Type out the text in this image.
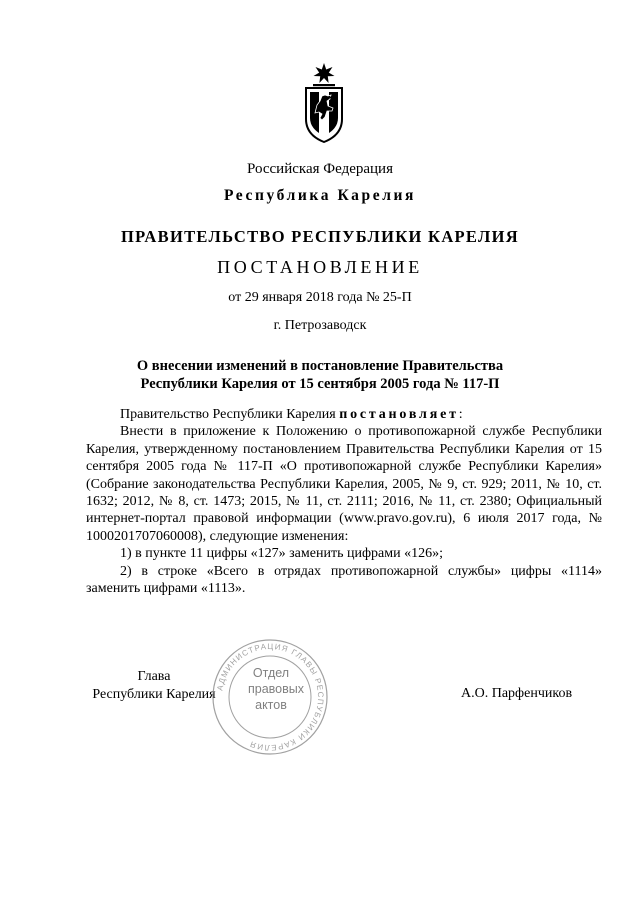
Российская Федерация
Республика Карелия
ПРАВИТЕЛЬСТВО РЕСПУБЛИКИ КАРЕЛИЯ
ПОСТАНОВЛЕНИЕ
от 29 января 2018 года № 25-П
г. Петрозаводск
О внесении изменений в постановление Правительства
Республики Карелия от 15 сентября 2005 года № 117-П

Правительство Республики Карелия постановляет:

Внести в приложение к Положению о противопожарной службе Республики Карелия, утвержденному постановлением Правительства Республики Карелия от 15 сентября 2005 года № 117-П «О противопожарной службе Республики Карелия» (Собрание законодательства Республики Карелия, 2005, № 9, ст. 929; 2011, № 10, ст. 1632; 2012, № 8, ст. 1473; 2015, № 11, ст. 2111; 2016, № 11, ст. 2380; Официальный интернет-портал правовой информации (www.pravo.gov.ru), 6 июля 2017 года, № 1000201707060008), следующие изменения:

1) в пункте 11 цифры «127» заменить цифрами «126»;

2) в строке «Всего в отрядах противопожарной службы» цифры «1114» заменить цифрами «1113».

Глава
Республики Карелия	А.О. Парфенчиков
АДМИНИСТРАЦИЯ ГЛАВЫ РЕСПУБЛИКИ КАРЕЛИЯ
Отдел
правовых
актов
